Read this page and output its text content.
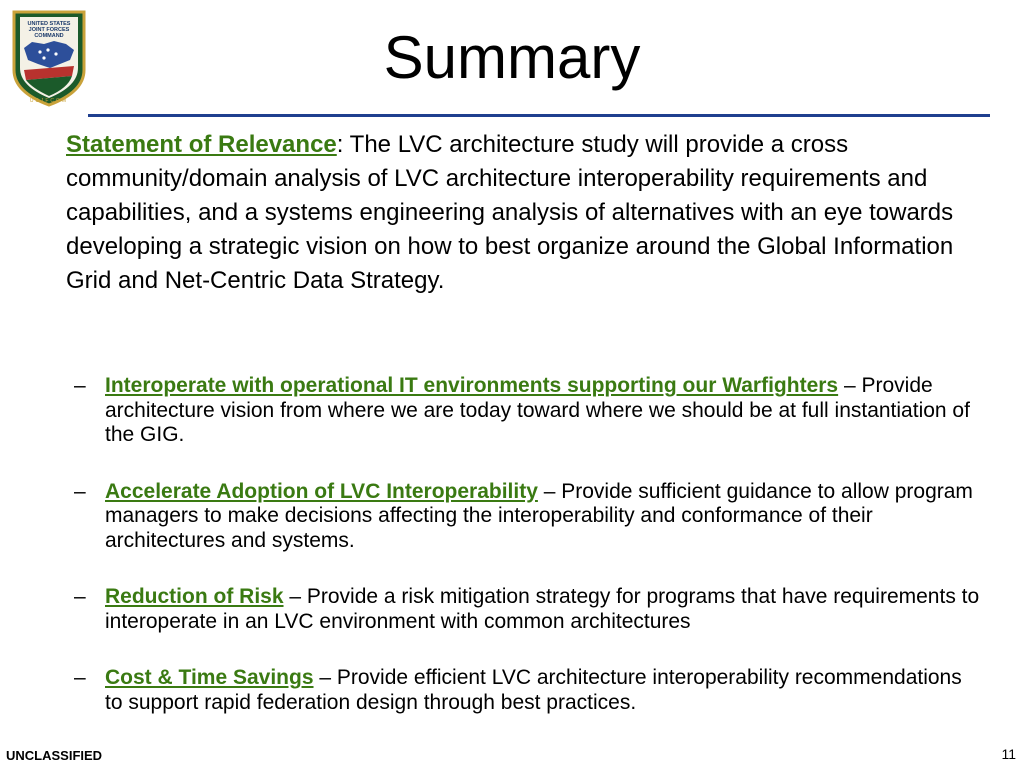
UNITED STATES
JOINT FORCES
COMMAND
USJFCOM
Summary
Statement of Relevance: The LVC architecture study will provide a cross community/domain analysis of LVC architecture interoperability requirements and capabilities, and a systems engineering analysis of alternatives with an eye towards developing a strategic vision on how to best organize around the Global Information Grid and Net-Centric Data Strategy.
– Interoperate with operational IT environments supporting our Warfighters – Provide architecture vision from where we are today toward where we should be at full instantiation of the GIG.
– Accelerate Adoption of LVC Interoperability – Provide sufficient guidance to allow program managers to make decisions affecting the interoperability and conformance of their architectures and systems.
– Reduction of Risk – Provide a risk mitigation strategy for programs that have requirements to interoperate in an LVC environment with common architectures
– Cost & Time Savings – Provide efficient LVC architecture interoperability recommendations to support rapid federation design through best practices.
UNCLASSIFIED	11
